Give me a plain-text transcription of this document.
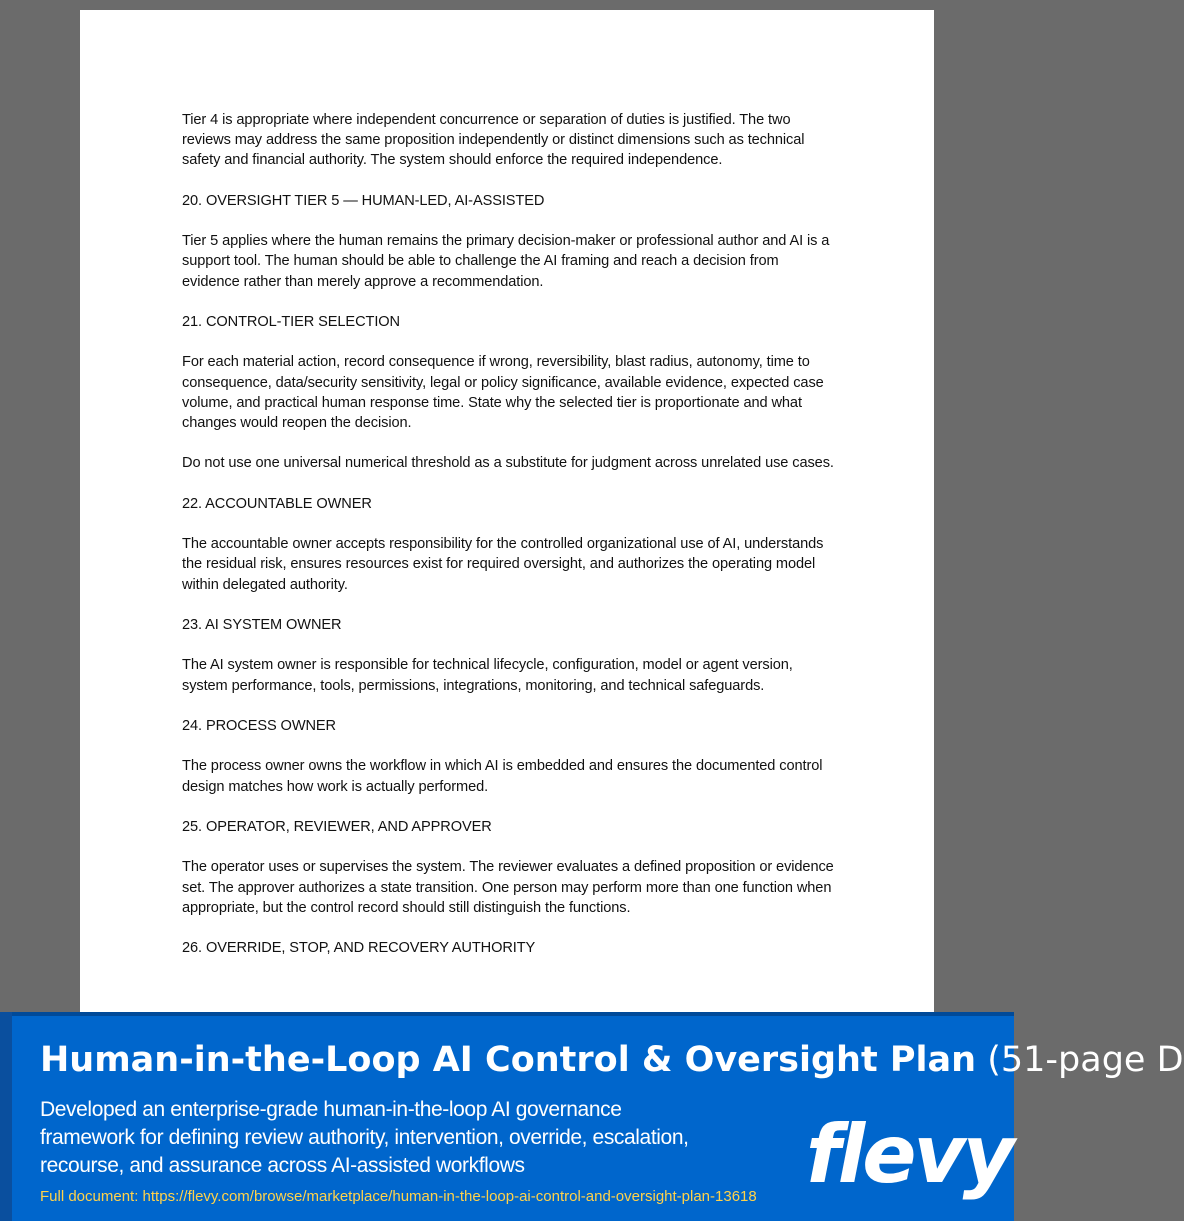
Tier 4 is appropriate where independent concurrence or separation of duties is justified. The two reviews may address the same proposition independently or distinct dimensions such as technical safety and financial authority. The system should enforce the required independence.

20. OVERSIGHT TIER 5 — HUMAN-LED, AI-ASSISTED

Tier 5 applies where the human remains the primary decision-maker or professional author and AI is a support tool. The human should be able to challenge the AI framing and reach a decision from evidence rather than merely approve a recommendation.

21. CONTROL-TIER SELECTION

For each material action, record consequence if wrong, reversibility, blast radius, autonomy, time to consequence, data/security sensitivity, legal or policy significance, available evidence, expected case volume, and practical human response time. State why the selected tier is proportionate and what changes would reopen the decision.

Do not use one universal numerical threshold as a substitute for judgment across unrelated use cases.

22. ACCOUNTABLE OWNER

The accountable owner accepts responsibility for the controlled organizational use of AI, understands the residual risk, ensures resources exist for required oversight, and authorizes the operating model within delegated authority.

23. AI SYSTEM OWNER

The AI system owner is responsible for technical lifecycle, configuration, model or agent version, system performance, tools, permissions, integrations, monitoring, and technical safeguards.

24. PROCESS OWNER

The process owner owns the workflow in which AI is embedded and ensures the documented control design matches how work is actually performed.

25. OPERATOR, REVIEWER, AND APPROVER

The operator uses or supervises the system. The reviewer evaluates a defined proposition or evidence set. The approver authorizes a state transition. One person may perform more than one function when appropriate, but the control record should still distinguish the functions.

26. OVERRIDE, STOP, AND RECOVERY AUTHORITY

Human-in-the-Loop AI Control & Oversight Plan (51-page D
Developed an enterprise-grade human-in-the-loop AI governance
framework for defining review authority, intervention, override, escalation,
recourse, and assurance across AI-assisted workflows
Full document: https://flevy.com/browse/marketplace/human-in-the-loop-ai-control-and-oversight-plan-13618 flevy
